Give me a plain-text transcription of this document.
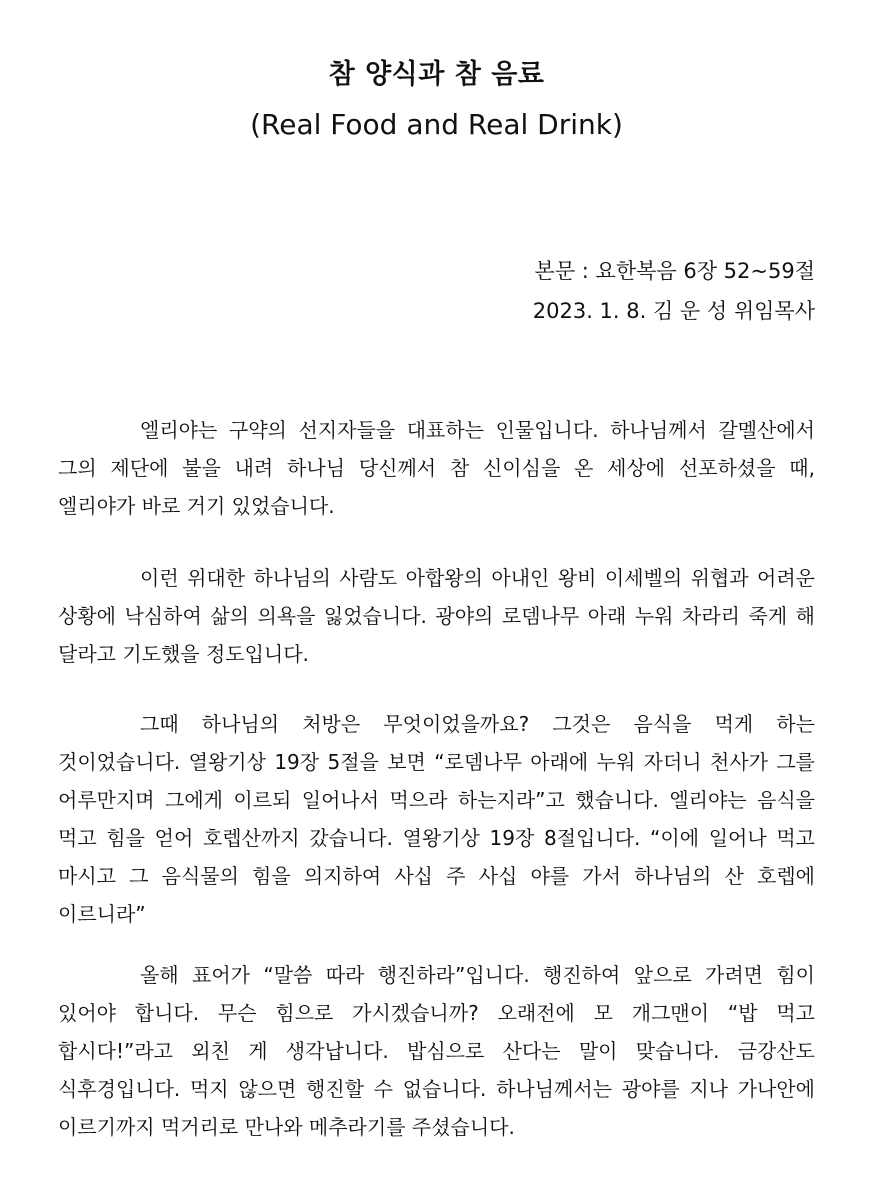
참 양식과 참 음료
(Real Food and Real Drink)
본문 : 요한복음 6장 52~59절
2023. 1. 8. 김 운 성 위임목사

엘리야는 구약의 선지자들을 대표하는 인물입니다. 하나님께서 갈멜산에서 그의 제단에 불을 내려 하나님 당신께서 참 신이심을 온 세상에 선포하셨을 때, 엘리야가 바로 거기 있었습니다.

이런 위대한 하나님의 사람도 아합왕의 아내인 왕비 이세벨의 위협과 어려운 상황에 낙심하여 삶의 의욕을 잃었습니다. 광야의 로뎀나무 아래 누워 차라리 죽게 해 달라고 기도했을 정도입니다.

그때 하나님의 처방은 무엇이었을까요? 그것은 음식을 먹게 하는 것이었습니다. 열왕기상 19장 5절을 보면 “로뎀나무 아래에 누워 자더니 천사가 그를 어루만지며 그에게 이르되 일어나서 먹으라 하는지라”고 했습니다. 엘리야는 음식을 먹고 힘을 얻어 호렙산까지 갔습니다. 열왕기상 19장 8절입니다. “이에 일어나 먹고 마시고 그 음식물의 힘을 의지하여 사십 주 사십 야를 가서 하나님의 산 호렙에 이르니라”

올해 표어가 “말씀 따라 행진하라”입니다. 행진하여 앞으로 가려면 힘이 있어야 합니다. 무슨 힘으로 가시겠습니까? 오래전에 모 개그맨이 “밥 먹고 합시다!”라고 외친 게 생각납니다. 밥심으로 산다는 말이 맞습니다. 금강산도 식후경입니다. 먹지 않으면 행진할 수 없습니다. 하나님께서는 광야를 지나 가나안에 이르기까지 먹거리로 만나와 메추라기를 주셨습니다.
